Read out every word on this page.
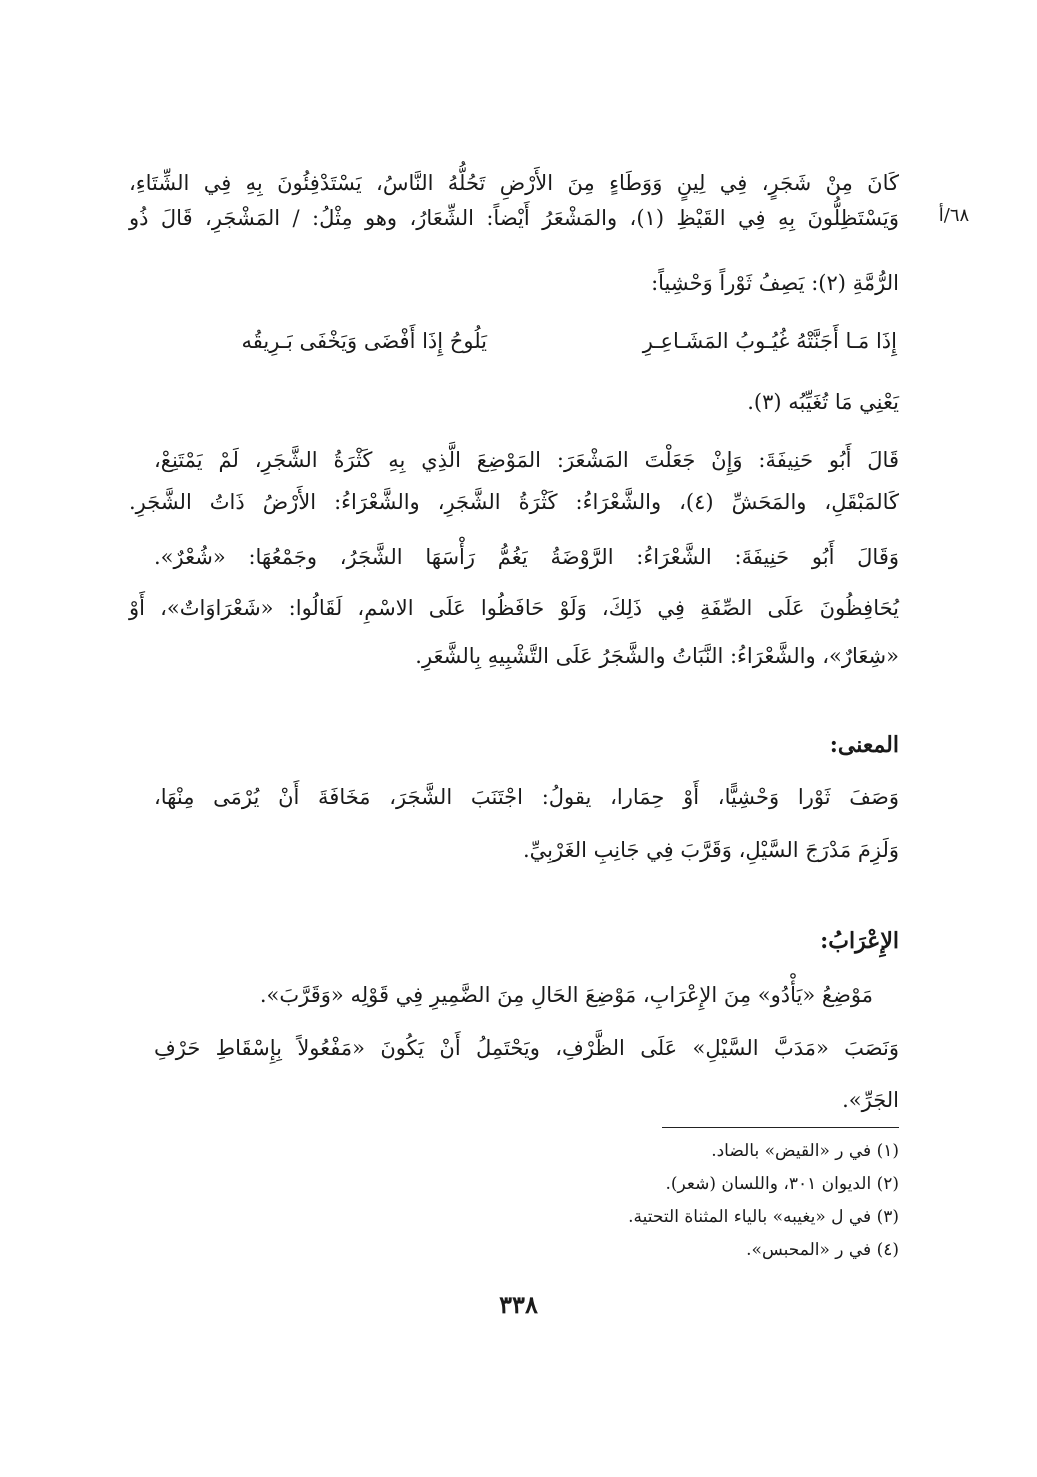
٦٨/أ
كَانَ مِنْ شَجَرٍ، فِي لِينٍ وَوَطَاءٍ مِنَ الأَرْضِ تَحُلُّهُ النَّاسُ، يَسْتَدْفِئُونَ بِهِ فِي الشِّتَاءِ،
وَيَسْتَظِلُّونَ بِهِ فِي القَيْظِ (١)، والمَشْعَرُ أَيْضاً: الشِّعَارُ، وهو مِثْلُ: / المَشْجَرِ، قَالَ ذُو
الرُّمَّةِ (٢): يَصِفُ ثَوْراً وَحْشِياً:
إِذَا مَـا أَجَنَّتْهُ غُيُـوبُ المَشَـاعِـرِ
يَلُوحُ إِذَا أَفْضَى وَيَخْفَى بَـرِيقُه
يَعْنِي مَا تُغَيِّبُه (٣).
قَالَ أَبُو حَنِيفَةَ: وَإِنْ جَعَلْتَ المَشْعَرَ: المَوْضِعَ الَّذِي بِهِ كَثْرَةُ الشَّجَرِ، لَمْ يَمْتَنِعْ،
كَالمَبْقَلِ، والمَحَشِّ (٤)، والشَّعْرَاءُ: كَثْرَةُ الشَّجَرِ، والشَّعْرَاءُ: الأَرْضُ ذَاتُ الشَّجَرِ.
وَقَالَ أَبُو حَنِيفَةَ: الشَّعْرَاءُ: الرَّوْضَةُ يَغُمُّ رَأْسَهَا الشَّجَرُ، وجَمْعُهَا: «شُعْرٌ».
يُحَافِظُونَ عَلَى الصِّفَةِ فِي ذَلِكَ، وَلَوْ حَافَظُوا عَلَى الاسْمِ، لَقَالُوا: «شَعْرَاوَاتٌ»، أَوْ
«شِعَارٌ»، والشَّعْرَاءُ: النَّبَاتُ والشَّجَرُ عَلَى التَّشْبِيهِ بِالشَّعَرِ.
المعنى:
وَصَفَ ثَوْرا وَحْشِيًّا، أَوْ حِمَارا، يقولُ: اجْتَنَبَ الشَّجَرَ، مَخَافَةَ أَنْ يُرْمَى مِنْهَا،
وَلَزِمَ مَدْرَجَ السَّيْلِ، وَقَرَّبَ فِي جَانِبِ الغَرْبِيِّ.
الإِعْرَابُ:
مَوْضِعُ «يَأْدُو» مِنَ الإِعْرَابِ، مَوْضِعَ الحَالِ مِنَ الضَّمِيرِ فِي قَوْلِه «وَقَرَّبَ».
وَنَصَبَ «مَدَبَّ السَّيْلِ» عَلَى الظَّرْفِ، ويَحْتَمِلُ أَنْ يَكُونَ «مَفْعُولاً بِإِسْقَاطِ حَرْفِ
الجَرِّ».
(١) في ر «القيض» بالضاد.
(٢) الديوان ٣٠١، واللسان (شعر).
(٣) في ل «يغيبه» بالياء المثناة التحتية.
(٤) في ر «المحبس».
٣٣٨
